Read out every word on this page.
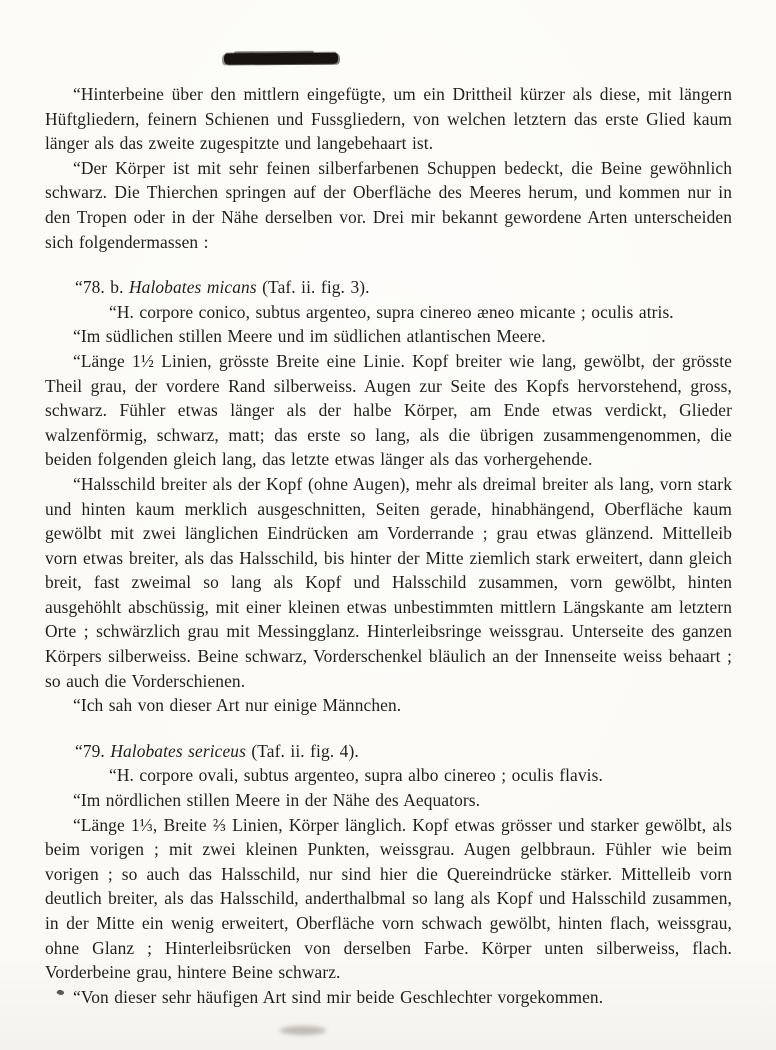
“Hinterbeine über den mittlern eingefügte, um ein Drittheil kürzer als diese, mit längern Hüftgliedern, feinern Schienen und Fussgliedern, von welchen letztern das erste Glied kaum länger als das zweite zugespitzte und langebehaart ist.

“Der Körper ist mit sehr feinen silberfarbenen Schuppen bedeckt, die Beine gewöhnlich schwarz. Die Thierchen springen auf der Oberfläche des Meeres herum, und kommen nur in den Tropen oder in der Nähe derselben vor. Drei mir bekannt gewordene Arten unterscheiden sich folgendermassen :

“78. b. Halobates micans (Taf. ii. fig. 3).

“H. corpore conico, subtus argenteo, supra cinereo æneo micante ; oculis atris.

“Im südlichen stillen Meere und im südlichen atlantischen Meere.

“Länge 1½ Linien, grösste Breite eine Linie. Kopf breiter wie lang, gewölbt, der grösste Theil grau, der vordere Rand silberweiss. Augen zur Seite des Kopfs hervorstehend, gross, schwarz. Fühler etwas länger als der halbe Körper, am Ende etwas verdickt, Glieder walzenförmig, schwarz, matt; das erste so lang, als die übrigen zusammengenommen, die beiden folgenden gleich lang, das letzte etwas länger als das vorhergehende.

“Halsschild breiter als der Kopf (ohne Augen), mehr als dreimal breiter als lang, vorn stark und hinten kaum merklich ausgeschnitten, Seiten gerade, hinabhängend, Oberfläche kaum gewölbt mit zwei länglichen Eindrücken am Vorderrande ; grau etwas glänzend. Mittelleib vorn etwas breiter, als das Halsschild, bis hinter der Mitte ziemlich stark erweitert, dann gleich breit, fast zweimal so lang als Kopf und Halsschild zusammen, vorn gewölbt, hinten ausgehöhlt abschüssig, mit einer kleinen etwas unbestimmten mittlern Längskante am letztern Orte ; schwärzlich grau mit Messingglanz. Hinterleibsringe weissgrau. Unterseite des ganzen Körpers silberweiss. Beine schwarz, Vorderschenkel bläulich an der Innenseite weiss behaart ; so auch die Vorderschienen.

“Ich sah von dieser Art nur einige Männchen.

“79. Halobates sericeus (Taf. ii. fig. 4).

“H. corpore ovali, subtus argenteo, supra albo cinereo ; oculis flavis.

“Im nördlichen stillen Meere in der Nähe des Aequators.

“Länge 1⅓, Breite ⅔ Linien, Körper länglich. Kopf etwas grösser und starker gewölbt, als beim vorigen ; mit zwei kleinen Punkten, weissgrau. Augen gelbbraun. Fühler wie beim vorigen ; so auch das Halsschild, nur sind hier die Quereindrücke stärker. Mittelleib vorn deutlich breiter, als das Halsschild, anderthalbmal so lang als Kopf und Halsschild zusammen, in der Mitte ein wenig erweitert, Oberfläche vorn schwach gewölbt, hinten flach, weissgrau, ohne Glanz ; Hinterleibsrücken von derselben Farbe. Körper unten silberweiss, flach. Vorderbeine grau, hintere Beine schwarz.

“Von dieser sehr häufigen Art sind mir beide Geschlechter vorgekommen.
